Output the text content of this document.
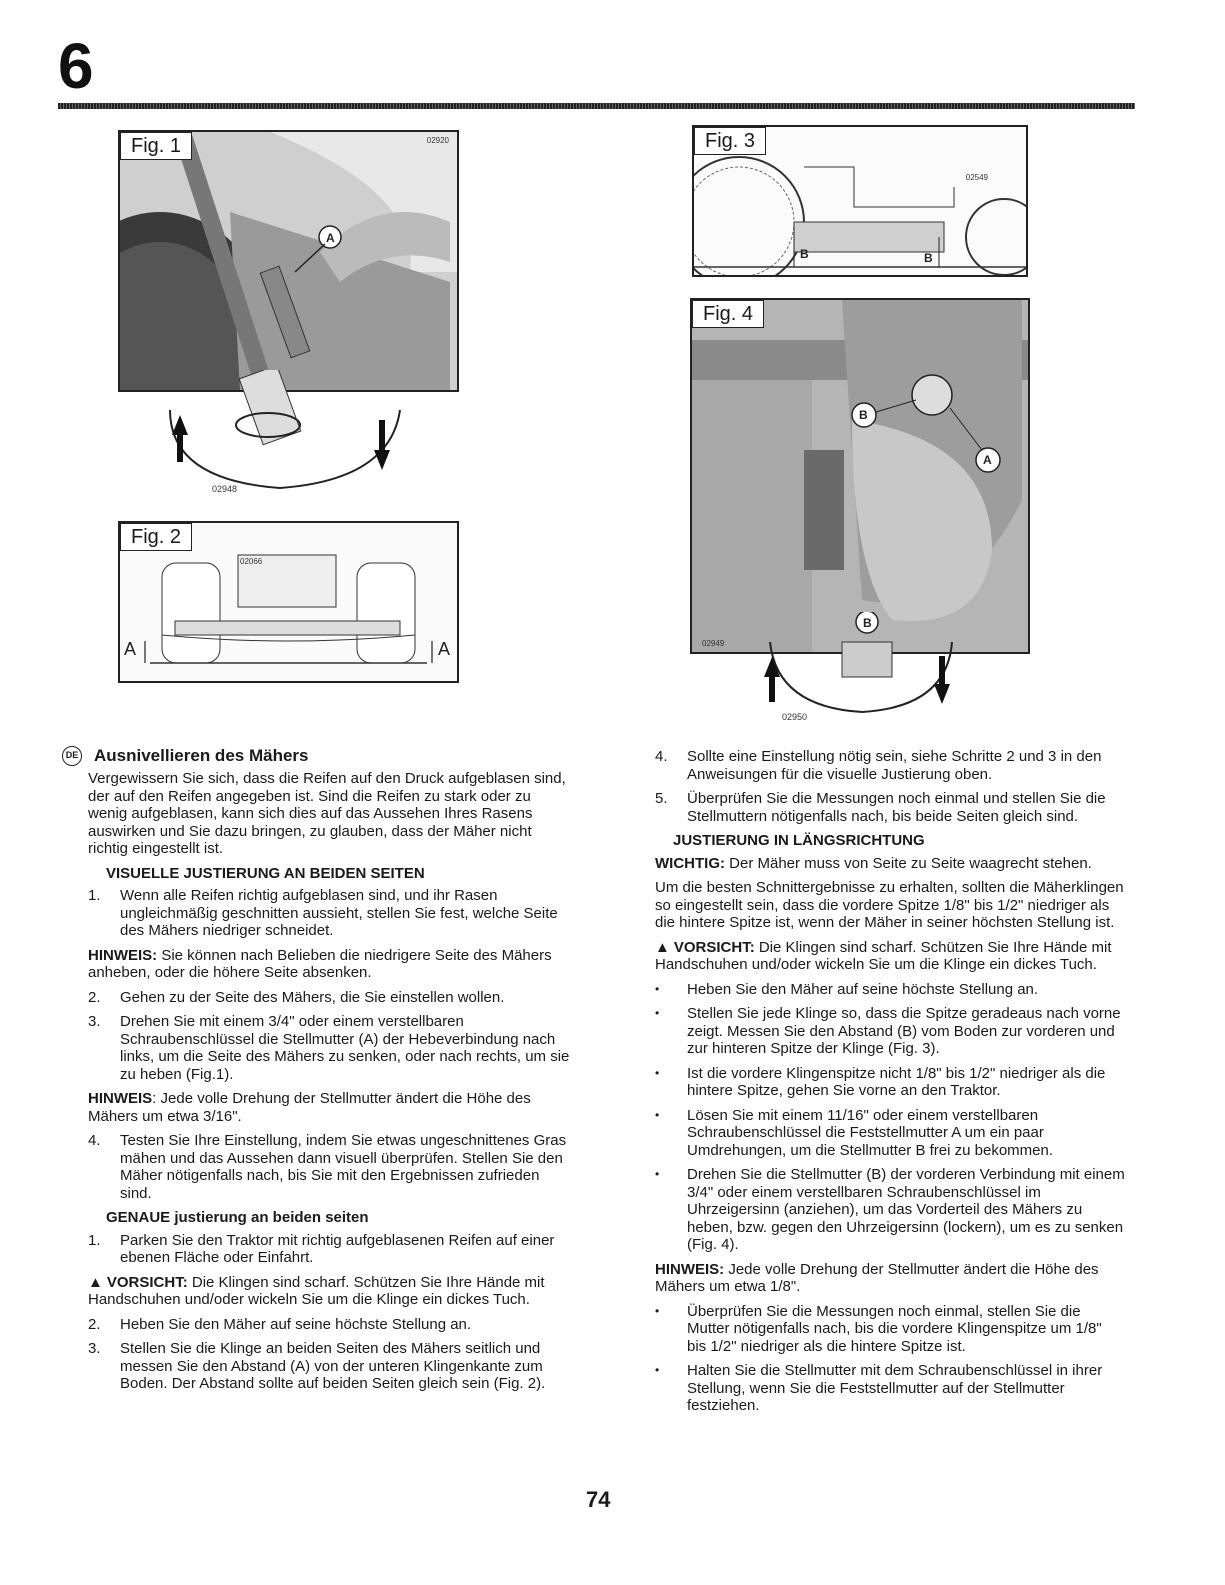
6
Fig. 1	02920
A
02948
Fig. 2
02066
A	A
Fig. 3
02549
B	B
Fig. 4
B
A
02949
B
02950
DE Ausnivellieren des Mähers

Vergewissern Sie sich, dass die Reifen auf den Druck aufgeblasen sind, der auf den Reifen angegeben ist. Sind die Reifen zu stark oder zu wenig aufgeblasen, kann sich dies auf das Aussehen Ihres Rasens auswirken und Sie dazu bringen, zu glauben, dass der Mäher nicht richtig eingestellt ist.

VISUELLE JUSTIERUNG AN BEIDEN SEITEN
1.	Wenn alle Reifen richtig aufgeblasen sind, und ihr Rasen ungleichmäßig geschnitten aussieht, stellen Sie fest, welche Seite des Mähers niedriger schneidet.

HINWEIS: Sie können nach Belieben die niedrigere Seite des Mähers anheben, oder die höhere Seite absenken.

2.	Gehen zu der Seite des Mähers, die Sie einstellen wollen.
3.	Drehen Sie mit einem 3/4" oder einem verstellbaren Schraubenschlüssel die Stellmutter (A) der Hebeverbindung nach links, um die Seite des Mähers zu senken, oder nach rechts, um sie zu heben (Fig.1).

HINWEIS: Jede volle Drehung der Stellmutter ändert die Höhe des Mähers um etwa 3/16".

4.	Testen Sie Ihre Einstellung, indem Sie etwas ungeschnittenes Gras mähen und das Aussehen dann visuell überprüfen. Stellen Sie den Mäher nötigenfalls nach, bis Sie mit den Ergebnissen zufrieden sind.
GENAUE justierung an beiden seiten
1.	Parken Sie den Traktor mit richtig aufgeblasenen Reifen auf einer ebenen Fläche oder Einfahrt.

▲ VORSICHT: Die Klingen sind scharf. Schützen Sie Ihre Hände mit Handschuhen und/oder wickeln Sie um die Klinge ein dickes Tuch.

2.	Heben Sie den Mäher auf seine höchste Stellung an.
3.	Stellen Sie die Klinge an beiden Seiten des Mähers seitlich und messen Sie den Abstand (A) von der unteren Klingenkante zum Boden. Der Abstand sollte auf beiden Seiten gleich sein (Fig. 2).
4.	Sollte eine Einstellung nötig sein, siehe Schritte 2 und 3 in den Anweisungen für die visuelle Justierung oben.
5.	Überprüfen Sie die Messungen noch einmal und stellen Sie die Stellmuttern nötigenfalls nach, bis beide Seiten gleich sind.
JUSTIERUNG IN LÄNGSRICHTUNG

WICHTIG: Der Mäher muss von Seite zu Seite waagrecht stehen.

Um die besten Schnittergebnisse zu erhalten, sollten die Mäherklingen so eingestellt sein, dass die vordere Spitze 1/8" bis 1/2" niedriger als die hintere Spitze ist, wenn der Mäher in seiner höchsten Stellung ist.

▲ VORSICHT: Die Klingen sind scharf. Schützen Sie Ihre Hände mit Handschuhen und/oder wickeln Sie um die Klinge ein dickes Tuch.

•	Heben Sie den Mäher auf seine höchste Stellung an.
•	Stellen Sie jede Klinge so, dass die Spitze geradeaus nach vorne zeigt. Messen Sie den Abstand (B) vom Boden zur vorderen und zur hinteren Spitze der Klinge (Fig. 3).
•	Ist die vordere Klingenspitze nicht 1/8" bis 1/2" niedriger als die hintere Spitze, gehen Sie vorne an den Traktor.
•	Lösen Sie mit einem 11/16" oder einem verstellbaren Schraubenschlüssel die Feststellmutter A um ein paar Umdrehungen, um die Stellmutter B frei zu bekommen.
•	Drehen Sie die Stellmutter (B) der vorderen Verbindung mit einem 3/4" oder einem verstellbaren Schraubenschlüssel im Uhrzeigersinn (anziehen), um das Vorderteil des Mähers zu heben, bzw. gegen den Uhrzeigersinn (lockern), um es zu senken (Fig. 4).

HINWEIS: Jede volle Drehung der Stellmutter ändert die Höhe des Mähers um etwa 1/8".

•	Überprüfen Sie die Messungen noch einmal, stellen Sie die Mutter nötigenfalls nach, bis die vordere Klingenspitze um 1/8" bis 1/2" niedriger als die hintere Spitze ist.
•	Halten Sie die Stellmutter mit dem Schraubenschlüssel in ihrer Stellung, wenn Sie die Feststellmutter auf der Stellmutter festziehen.
74
